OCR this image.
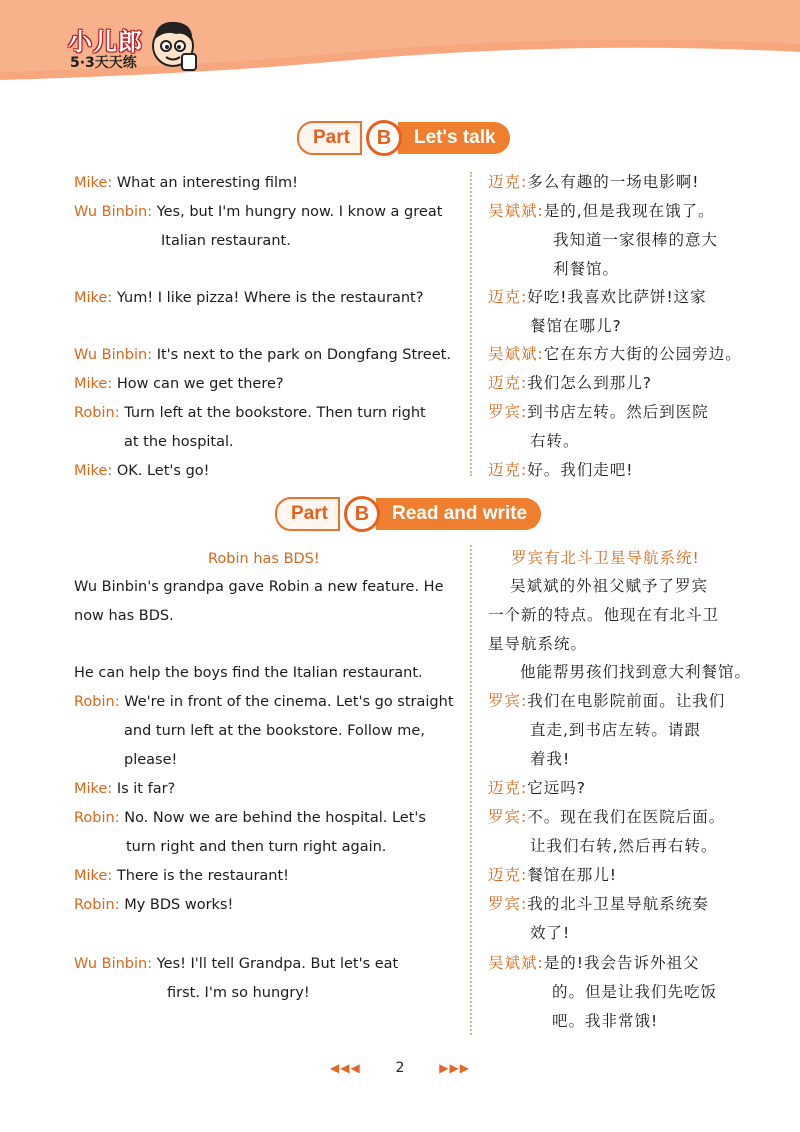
小儿郎
5·3天天练
Part	B	Let's talk
Mike: What an interesting film!
Wu Binbin: Yes, but I'm hungry now. I know a great
Italian restaurant.
Mike: Yum! I like pizza! Where is the restaurant?
Wu Binbin: It's next to the park on Dongfang Street.
Mike: How can we get there?
Robin: Turn left at the bookstore. Then turn right
at the hospital.
Mike: OK. Let's go!
迈克:多么有趣的一场电影啊!
吴斌斌:是的,但是我现在饿了。
我知道一家很棒的意大
利餐馆。
迈克:好吃!我喜欢比萨饼!这家
餐馆在哪儿?
吴斌斌:它在东方大街的公园旁边。
迈克:我们怎么到那儿?
罗宾:到书店左转。然后到医院
右转。
迈克:好。我们走吧!
Part	B	Read and write
Robin has BDS!
Wu Binbin's grandpa gave Robin a new feature. He
now has BDS.
He can help the boys find the Italian restaurant.
Robin: We're in front of the cinema. Let's go straight
and turn left at the bookstore. Follow me,
please!
Mike: Is it far?
Robin: No. Now we are behind the hospital. Let's
turn right and then turn right again.
Mike: There is the restaurant!
Robin: My BDS works!
Wu Binbin: Yes! I'll tell Grandpa. But let's eat
first. I'm so hungry!
罗宾有北斗卫星导航系统!
吴斌斌的外祖父赋予了罗宾
一个新的特点。他现在有北斗卫
星导航系统。
他能帮男孩们找到意大利餐馆。
罗宾:我们在电影院前面。让我们
直走,到书店左转。请跟
着我!
迈克:它远吗?
罗宾:不。现在我们在医院后面。
让我们右转,然后再右转。
迈克:餐馆在那儿!
罗宾:我的北斗卫星导航系统奏
效了!
吴斌斌:是的!我会告诉外祖父
的。但是让我们先吃饭
吧。我非常饿!
◀◀◀ 2	▶▶▶
